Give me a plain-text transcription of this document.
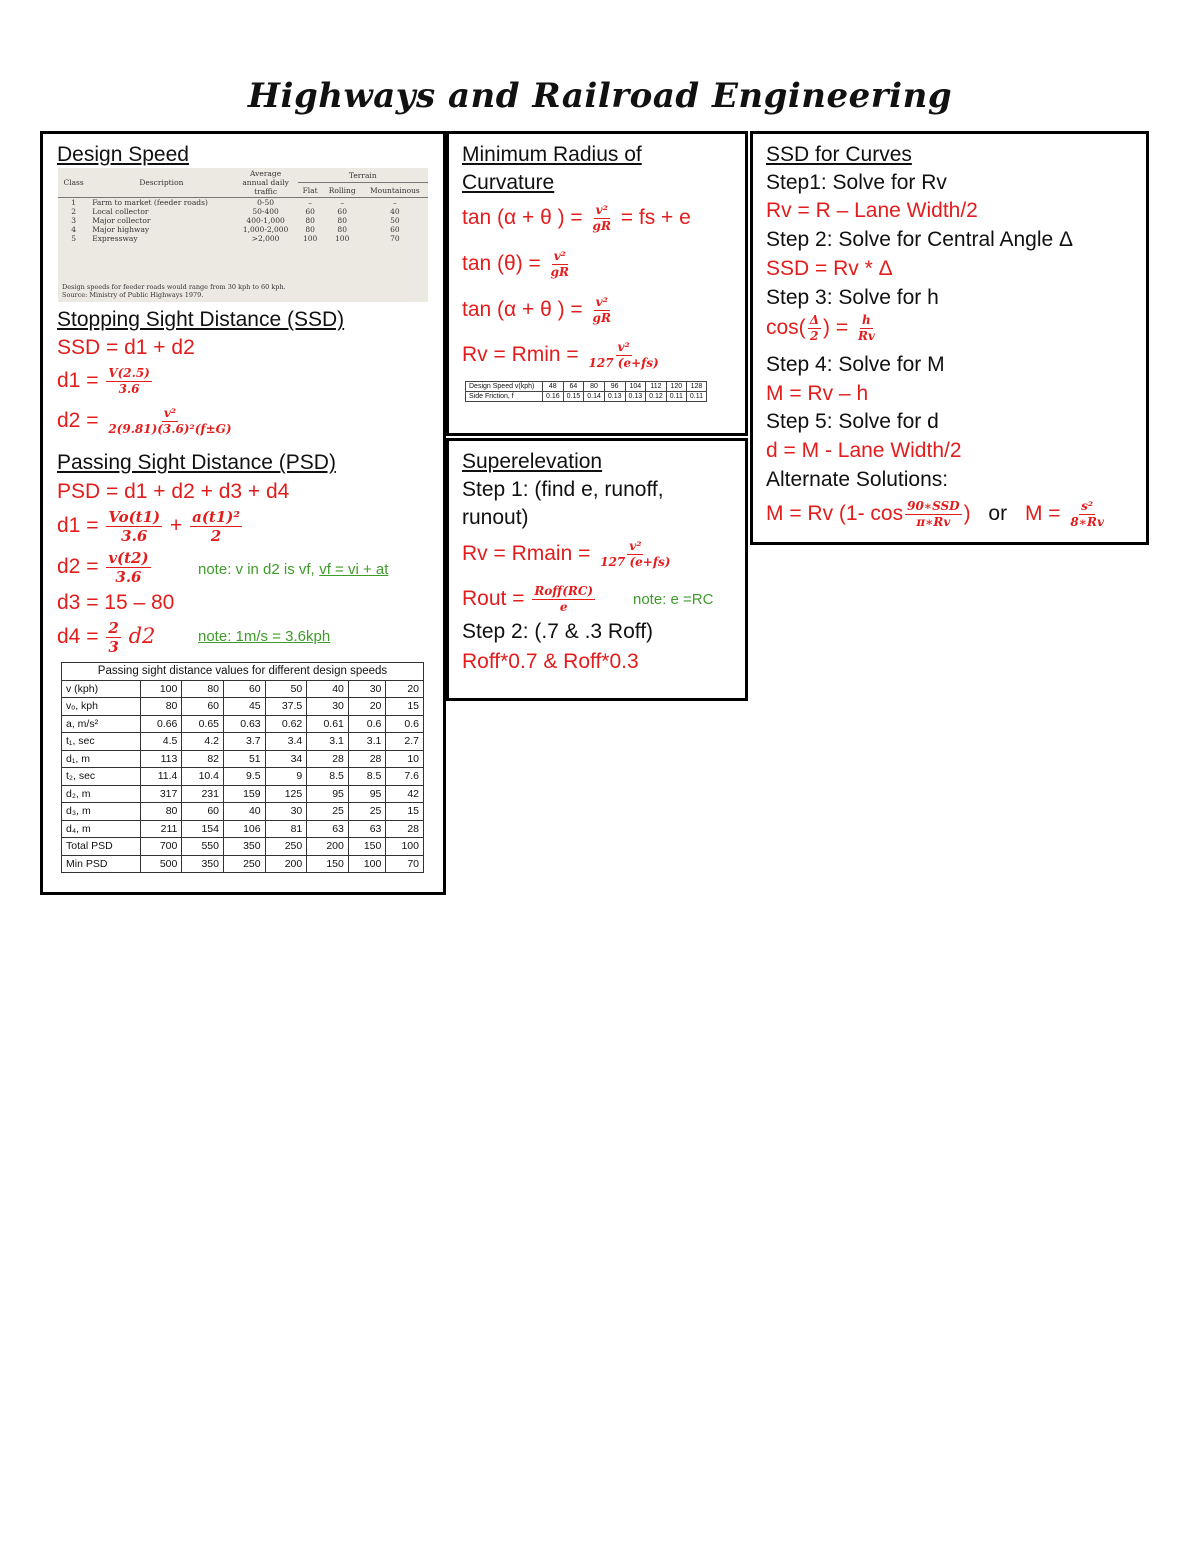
Highways and Railroad Engineering
Design Speed
Class	Description	Average annual daily traffic	Terrain		
			Flat	Rolling	Mountainous
1	Farm to market (feeder roads)	0-50	–	–	–
2	Local collector	50-400	60	60	40
3	Major collector	400-1,000	80	80	50
4	Major highway	1,000-2,000	80	80	60
5	Expressway	>2,000	100	100	70
Design speeds for feeder roads would range from 30 kph to 60 kph.
Source: Ministry of Public Highways 1979.
Stopping Sight Distance (SSD)
SSD = d1 + d2
$d1 = \frac{V(2.5)}{3.6}$
$d2 = \frac{\text{v²}}{\text{2(9.81)(3.6)²(f±G)}}$
Passing Sight Distance (PSD)
PSD = d1 + d2 + d3 + d4
$d1 = \frac{Vo(t1)}{3.6} + \frac{\text{a(t1)²}}{2}$
$d2 = \frac{v(t2)}{3.6}$	note: v in d2 is vf, vf = vi + at
d3 = 15 – 80
$d4 = \frac{2}{3} d2$	note: 1m/s = 3.6kph
Passing sight distance values for different design speeds							
v (kph)	100	80	60	50	40	30	20
vₒ, kph	80	60	45	37.5	30	20	15
a, m/s²	0.66	0.65	0.63	0.62	0.61	0.6	0.6
t₁, sec	4.5	4.2	3.7	3.4	3.1	3.1	2.7
d₁, m	113	82	51	34	28	28	10
t₂, sec	11.4	10.4	9.5	9	8.5	8.5	7.6
d₂, m	317	231	159	125	95	95	42
d₃, m	80	60	40	30	25	25	15
d₄, m	211	154	106	81	63	63	28
Total PSD	700	550	350	250	200	150	100
Min PSD	500	350	250	200	150	100	70
Minimum Radius of
Curvature
tan (α + θ ) = $\frac{\text{v²}}{gR}$ = fs + e
$\tan (\theta) = \frac{\text{v²}}{gR}$
tan (α + θ ) = $\frac{\text{v²}}{gR}$
$Rv = Rmin = \frac{\text{v²}}{127 (e+fs)}$
Design Speed v(kph)	48	64	80	96	104	112	120	128
Side Friction, f	0.16	0.15	0.14	0.13	0.13	0.12	0.11	0.11
Superelevation
Step 1: (find e, runoff,
runout)
Rv = Rmain = $\frac{\text{v²}}{127 (e+fs)}$
Rout = $\frac{\text{Roff(RC)}}{e}$	note: e =RC
Step 2: (.7 & .3 Roff)
Roff*0.7 & Roff*0.3
SSD for Curves
Step1: Solve for Rv
Rv = R – Lane Width/2
Step 2: Solve for Central Angle Δ
SSD = Rv * Δ
Step 3: Solve for h
$\cos( \frac{\Delta}{2}$ ) = $\frac{h}{Rv}$
Step 4: Solve for M
M = Rv – h
Step 5: Solve for d
d = M - Lane Width/2
Alternate Solutions:
M = Rv (1- $\cos \frac{\text{90∗SSD}}{\pi∗Rv}$ ) or $M = \frac{\text{s²}}{8∗Rv}$
